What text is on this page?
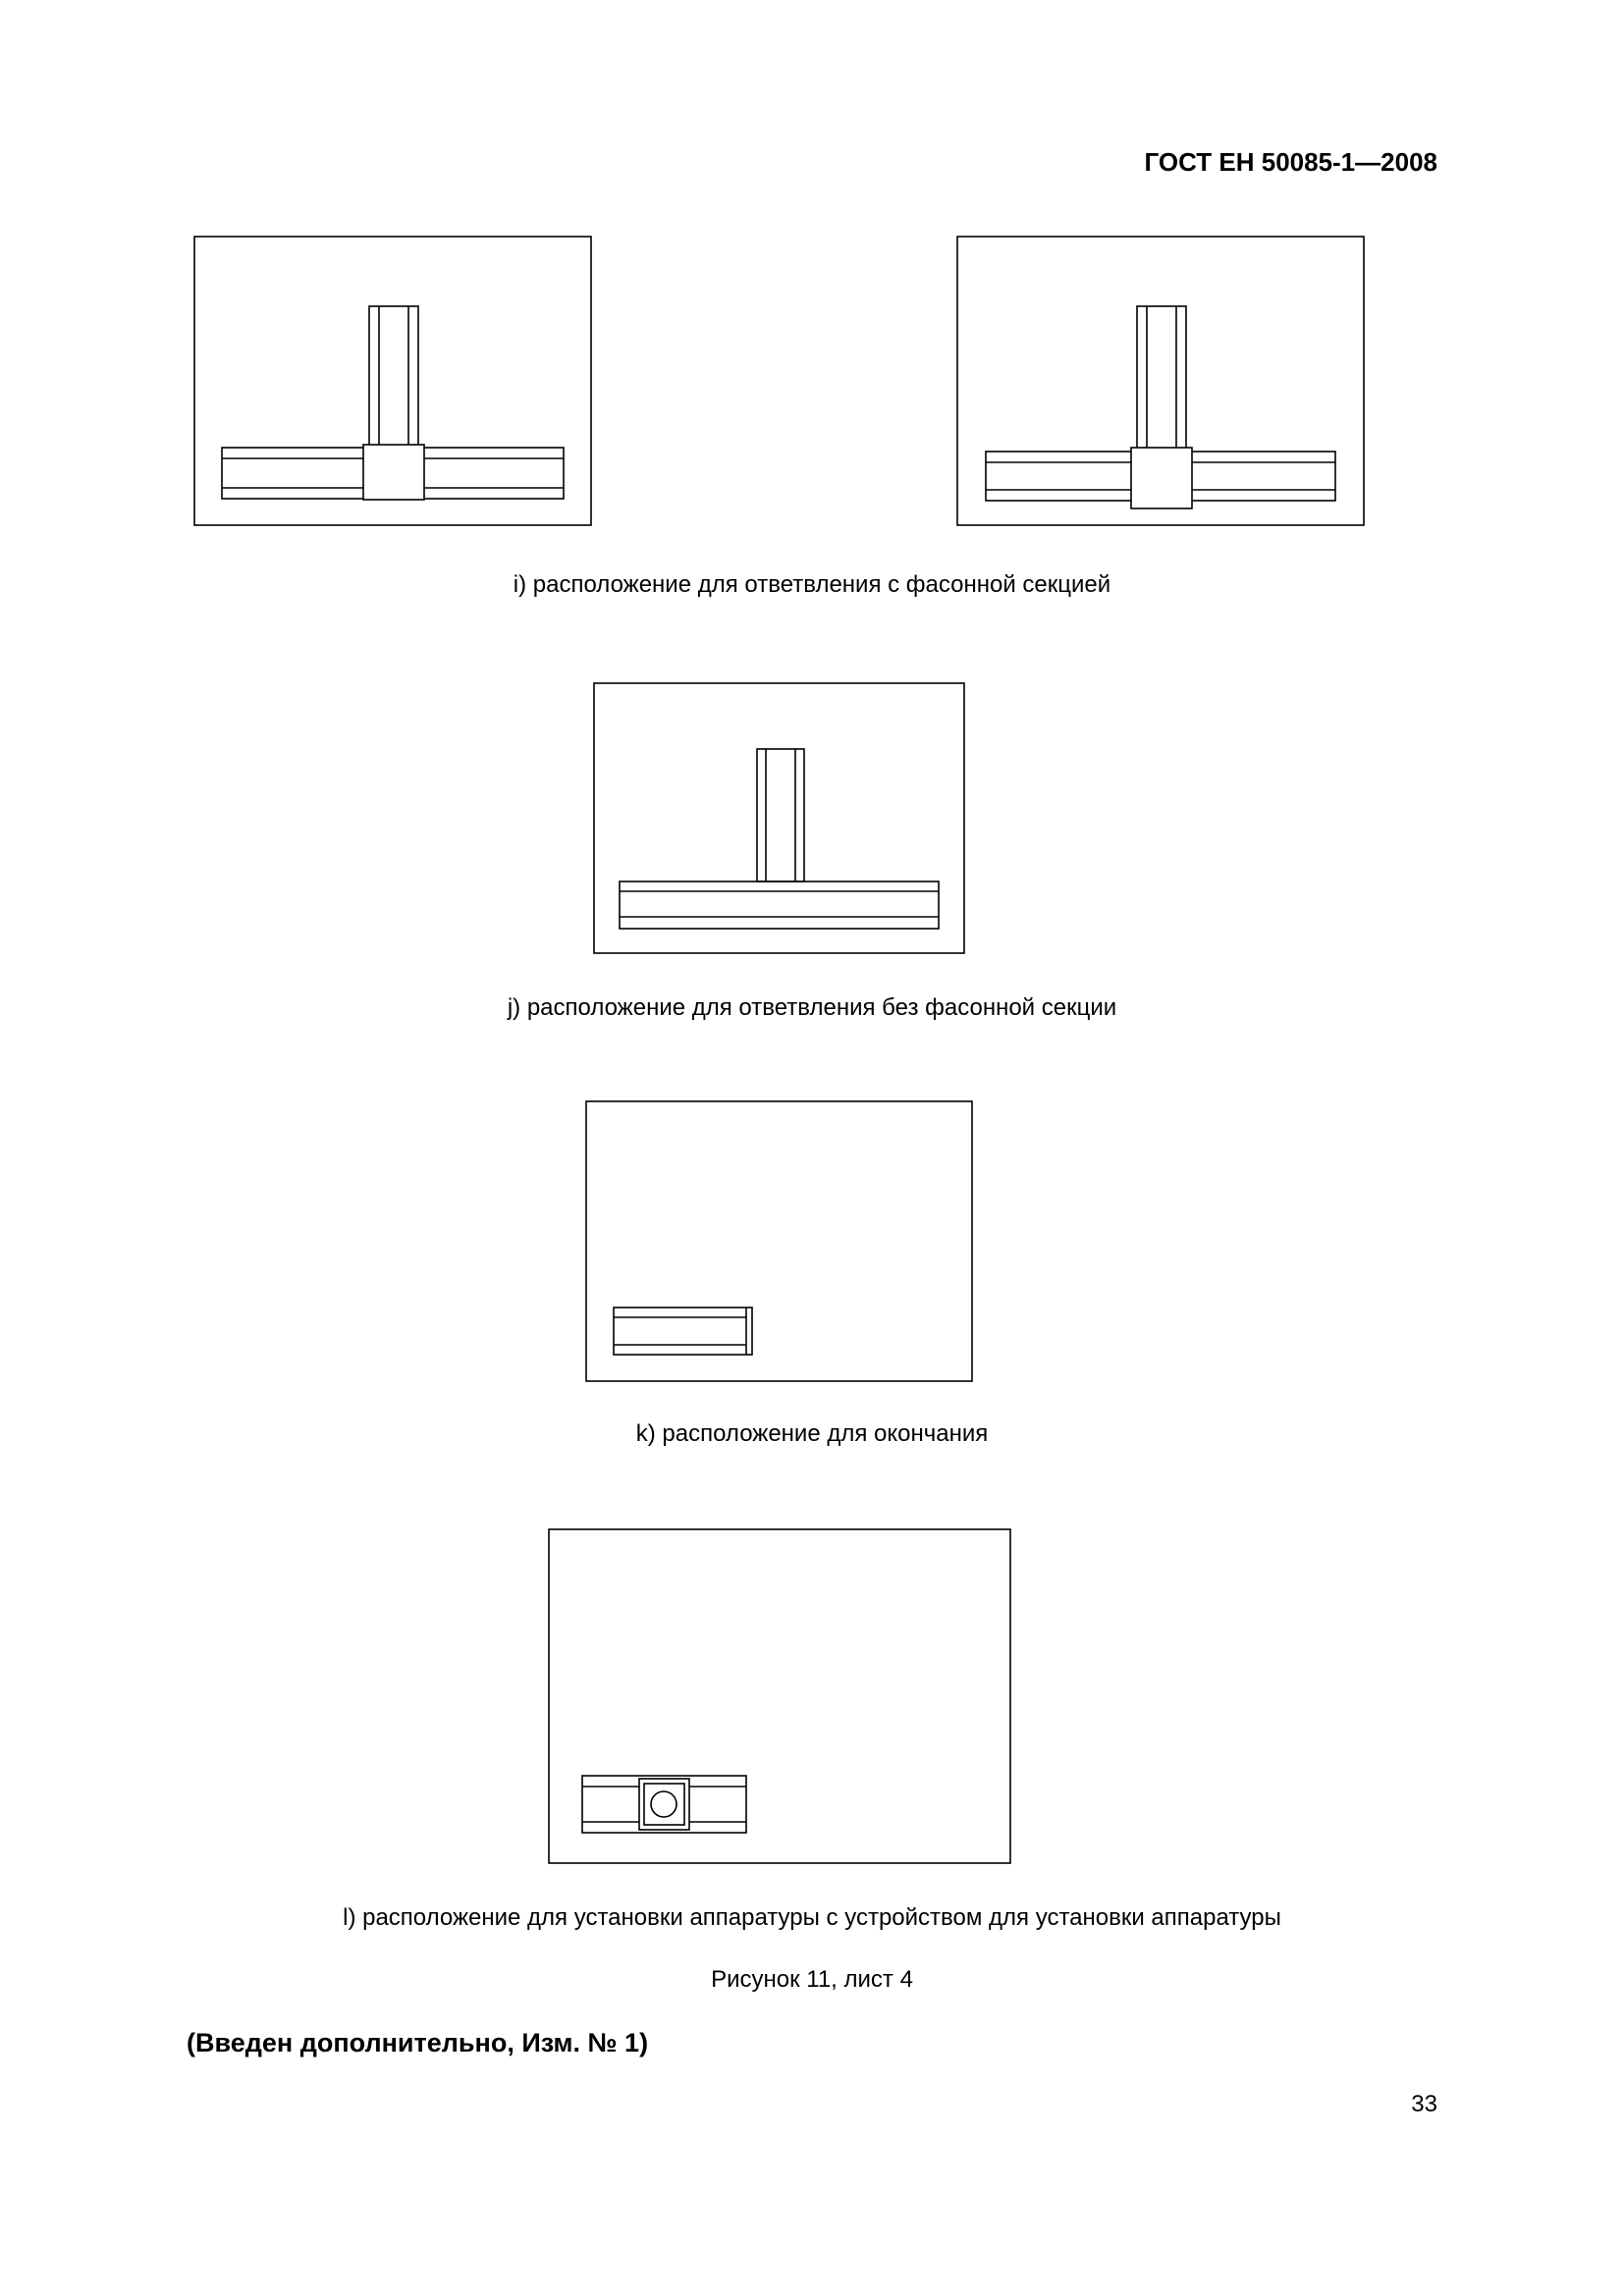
ГОСТ ЕН 50085-1—2008
i) расположение для ответвления с фасонной секцией
j) расположение для ответвления без фасонной секции
k) расположение для окончания
l) расположение для установки аппаратуры с устройством для установки аппаратуры
Рисунок 11, лист 4
(Введен дополнительно, Изм. № 1)
33
